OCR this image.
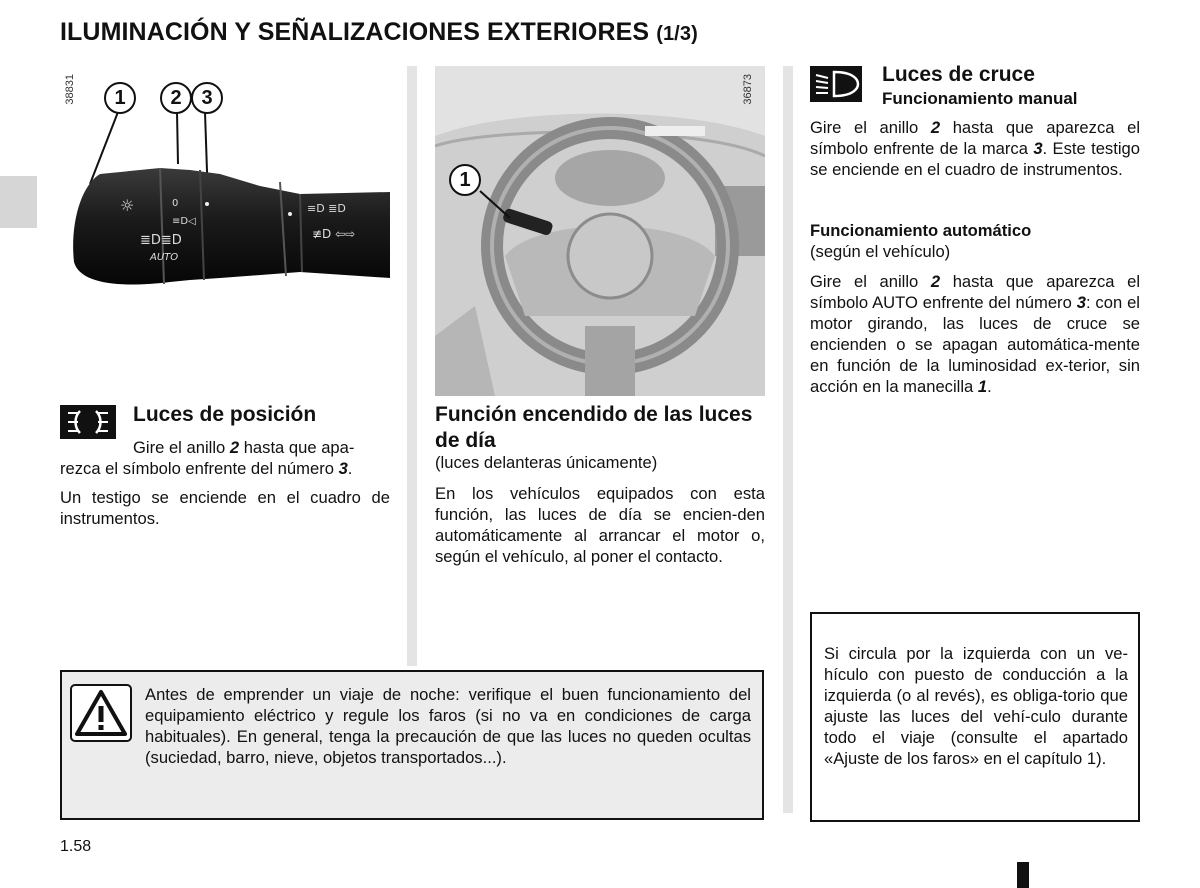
ILUMINACIÓN Y SEÑALIZACIONES EXTERIORES (1/3)
38831
☼	0
≡D◁
≣D≣D
AUTO
≡D ≣D
≢D ⇦⇨
1	2 3	36873
1
Luces de posición
Gire el anillo 2 hasta que apa-
rezca el símbolo enfrente del número 3.
Un testigo se enciende en el cuadro de instrumentos.
Función encendido de las luces de día
(luces delanteras únicamente)
En los vehículos equipados con esta función, las luces de día se encien-den automáticamente al arrancar el motor o, según el vehículo, al poner el contacto.
Luces de cruce
Funcionamiento manual
Gire el anillo 2 hasta que aparezca el símbolo enfrente de la marca 3. Este testigo se enciende en el cuadro de instrumentos.
Funcionamiento automático
(según el vehículo)
Gire el anillo 2 hasta que aparezca el símbolo AUTO enfrente del número 3: con el motor girando, las luces de cruce se encienden o se apagan automática-mente en función de la luminosidad ex-terior, sin acción en la manecilla 1.
Antes de emprender un viaje de noche: verifique el buen funcionamiento del equipamiento eléctrico y regule los faros (si no va en condiciones de carga habituales). En general, tenga la precaución de que las luces no queden ocultas (suciedad, barro, nieve, objetos transportados...).
Si circula por la izquierda con un ve-hículo con puesto de conducción a la izquierda (o al revés), es obliga-torio que ajuste las luces del vehí-culo durante todo el viaje (consulte el apartado «Ajuste de los faros» en el capítulo 1).
1.58
